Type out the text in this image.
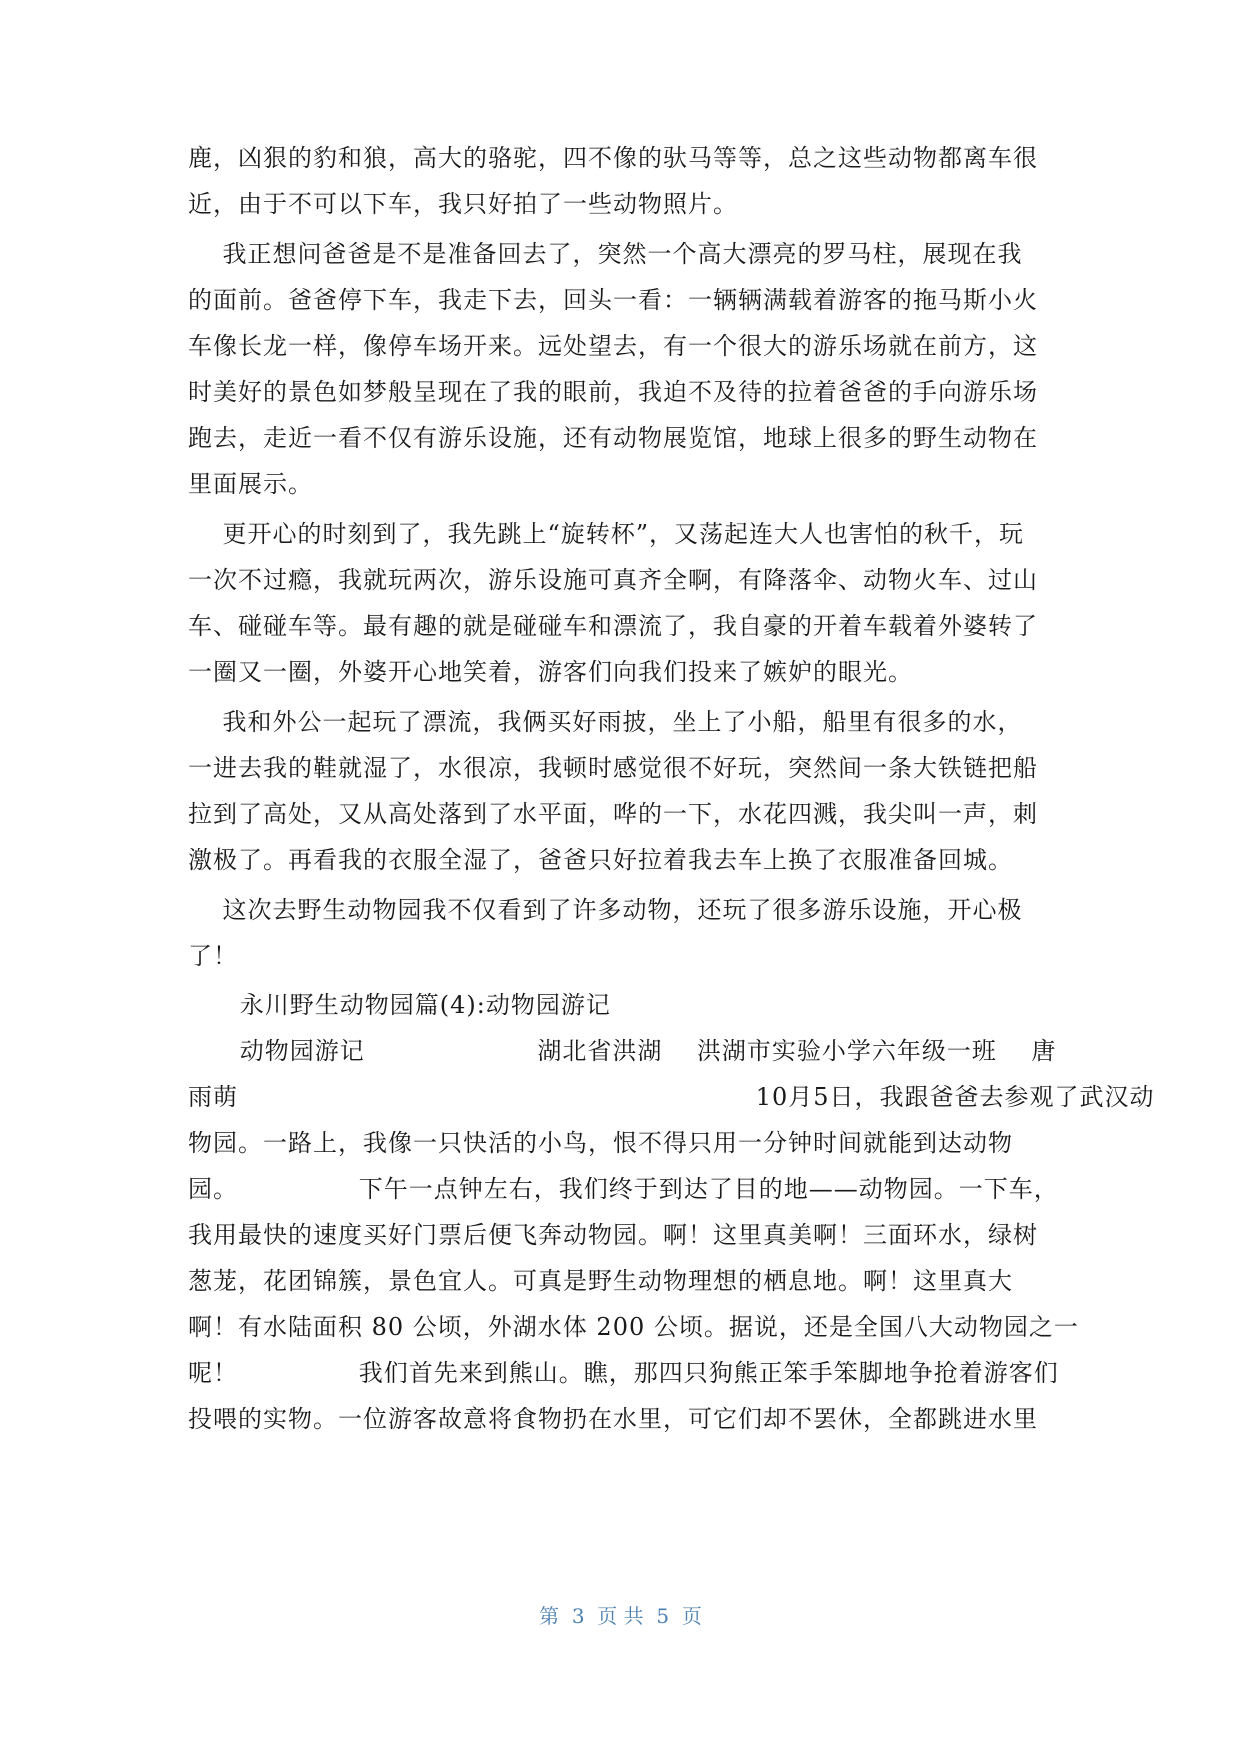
鹿，凶狠的豹和狼，高大的骆驼，四不像的驮马等等，总之这些动物都离车很
近，由于不可以下车，我只好拍了一些动物照片。
我正想问爸爸是不是准备回去了，突然一个高大漂亮的罗马柱，展现在我
的面前。爸爸停下车，我走下去，回头一看：一辆辆满载着游客的拖马斯小火
车像长龙一样，像停车场开来。远处望去，有一个很大的游乐场就在前方，这
时美好的景色如梦般呈现在了我的眼前，我迫不及待的拉着爸爸的手向游乐场
跑去，走近一看不仅有游乐设施，还有动物展览馆，地球上很多的野生动物在
里面展示。
更开心的时刻到了，我先跳上“旋转杯”，又荡起连大人也害怕的秋千，玩
一次不过瘾，我就玩两次，游乐设施可真齐全啊，有降落伞、动物火车、过山
车、碰碰车等。最有趣的就是碰碰车和漂流了，我自豪的开着车载着外婆转了
一圈又一圈，外婆开心地笑着，游客们向我们投来了嫉妒的眼光。
我和外公一起玩了漂流，我俩买好雨披，坐上了小船，船里有很多的水，
一进去我的鞋就湿了，水很凉，我顿时感觉很不好玩，突然间一条大铁链把船
拉到了高处，又从高处落到了水平面，哗的一下，水花四溅，我尖叫一声，刺
激极了。再看我的衣服全湿了，爸爸只好拉着我去车上换了衣服准备回城。
这次去野生动物园我不仅看到了许多动物，还玩了很多游乐设施，开心极
了！
永川野生动物园篇(4):动物园游记
动物园游记                    湖北省洪湖    洪湖市实验小学六年级一班    唐
雨萌                                                            10月5日，我跟爸爸去参观了武汉动
物园。一路上，我像一只快活的小鸟，恨不得只用一分钟时间就能到达动物
园。              下午一点钟左右，我们终于到达了目的地——动物园。一下车，
我用最快的速度买好门票后便飞奔动物园。啊！这里真美啊！三面环水，绿树
葱茏，花团锦簇，景色宜人。可真是野生动物理想的栖息地。啊！这里真大
啊！有水陆面积 80 公顷，外湖水体 200 公顷。据说，还是全国八大动物园之一
呢！              我们首先来到熊山。瞧，那四只狗熊正笨手笨脚地争抢着游客们
投喂的实物。一位游客故意将食物扔在水里，可它们却不罢休，全都跳进水里
第  3  页 共  5  页
